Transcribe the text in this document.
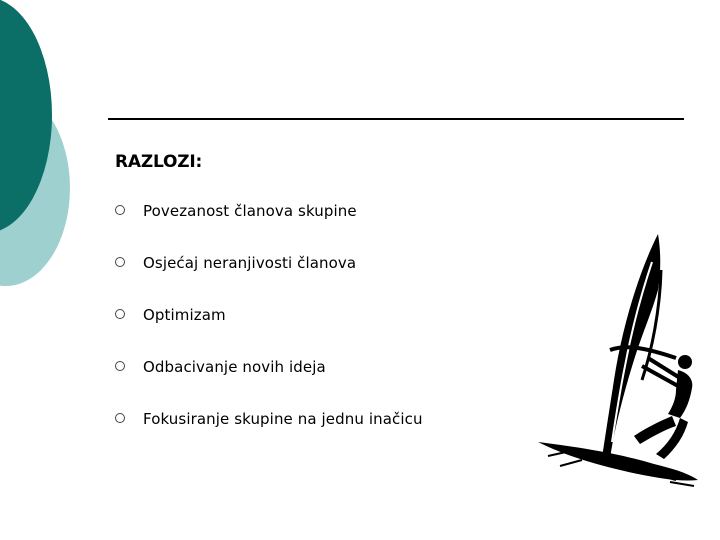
RAZLOZI:
Povezanost članova skupine
Osjećaj neranjivosti članova
Optimizam
Odbacivanje novih ideja
Fokusiranje skupine na jednu inačicu
